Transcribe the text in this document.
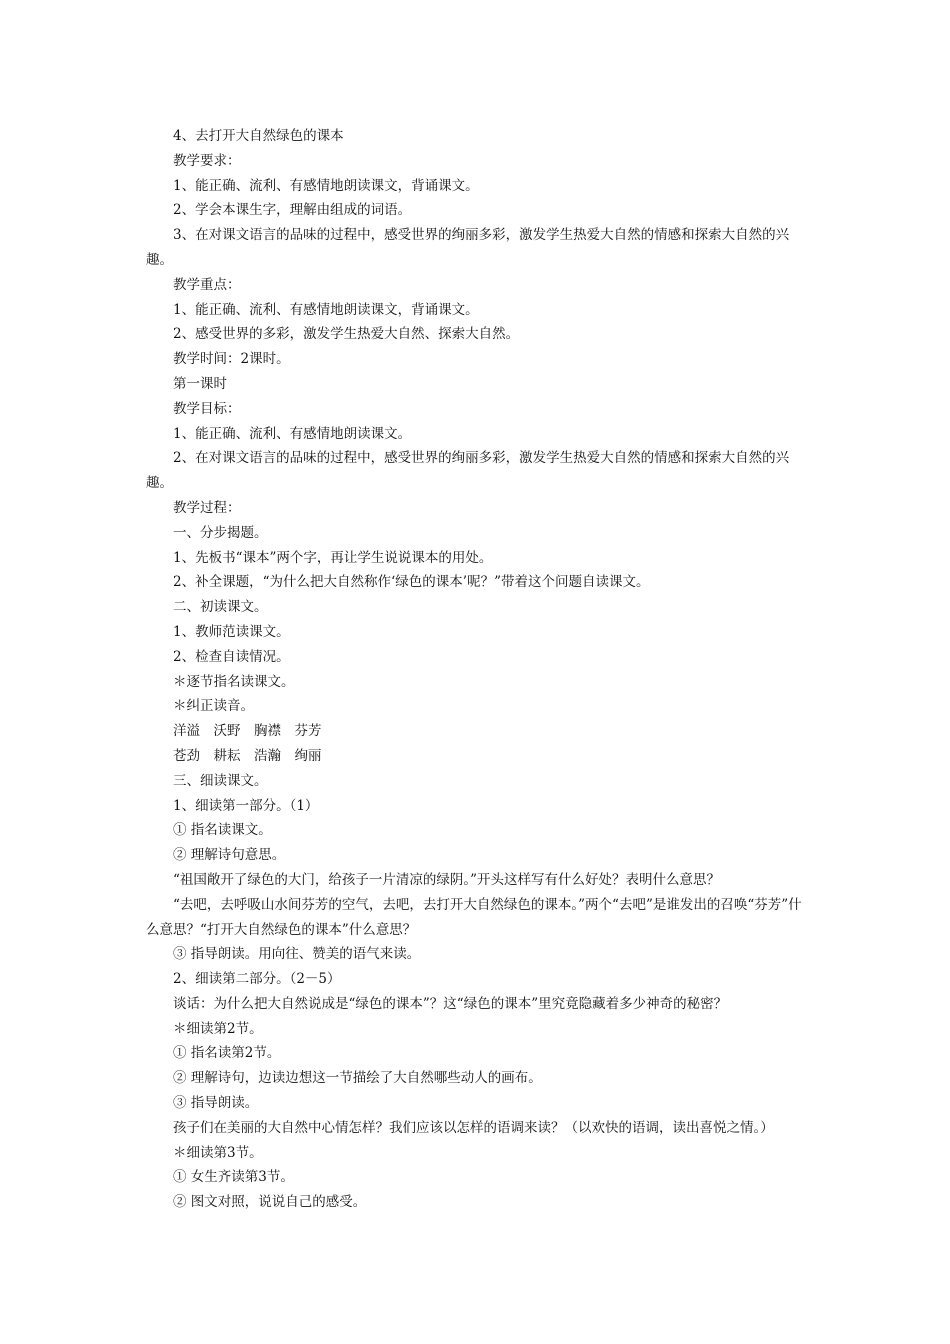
4、去打开大自然绿色的课本

教学要求：

1、能正确、流利、有感情地朗读课文，背诵课文。

2、学会本课生字，理解由组成的词语。

3、在对课文语言的品味的过程中，感受世界的绚丽多彩，激发学生热爱大自然的情感和探索大自然的兴趣。

教学重点：

1、能正确、流利、有感情地朗读课文，背诵课文。

2、感受世界的多彩，激发学生热爱大自然、探索大自然。

教学时间：2课时。

第一课时

教学目标：

1、能正确、流利、有感情地朗读课文。

2、在对课文语言的品味的过程中，感受世界的绚丽多彩，激发学生热爱大自然的情感和探索大自然的兴趣。

教学过程：

一、分步揭题。

1、先板书“课本”两个字，再让学生说说课本的用处。

2、补全课题，“为什么把大自然称作‘绿色的课本’呢？”带着这个问题自读课文。

二、初读课文。

1、教师范读课文。

2、检查自读情况。

＊逐节指名读课文。

＊纠正读音。

洋溢　沃野　胸襟　芬芳

苍劲　耕耘　浩瀚　绚丽

三、细读课文。

1、细读第一部分。（1）

① 指名读课文。

② 理解诗句意思。

“祖国敞开了绿色的大门，给孩子一片清凉的绿阴。”开头这样写有什么好处？表明什么意思？

“去吧，去呼吸山水间芬芳的空气，去吧，去打开大自然绿色的课本。”两个“去吧”是谁发出的召唤“芬芳”什么意思？“打开大自然绿色的课本”什么意思？

③ 指导朗读。用向往、赞美的语气来读。

2、细读第二部分。（2－5）

谈话：为什么把大自然说成是“绿色的课本”？这“绿色的课本”里究竟隐藏着多少神奇的秘密？

＊细读第2节。

① 指名读第2节。

② 理解诗句，边读边想这一节描绘了大自然哪些动人的画布。

③ 指导朗读。

孩子们在美丽的大自然中心情怎样？我们应该以怎样的语调来读？（以欢快的语调，读出喜悦之情。）

＊细读第3节。

① 女生齐读第3节。

② 图文对照，说说自己的感受。
